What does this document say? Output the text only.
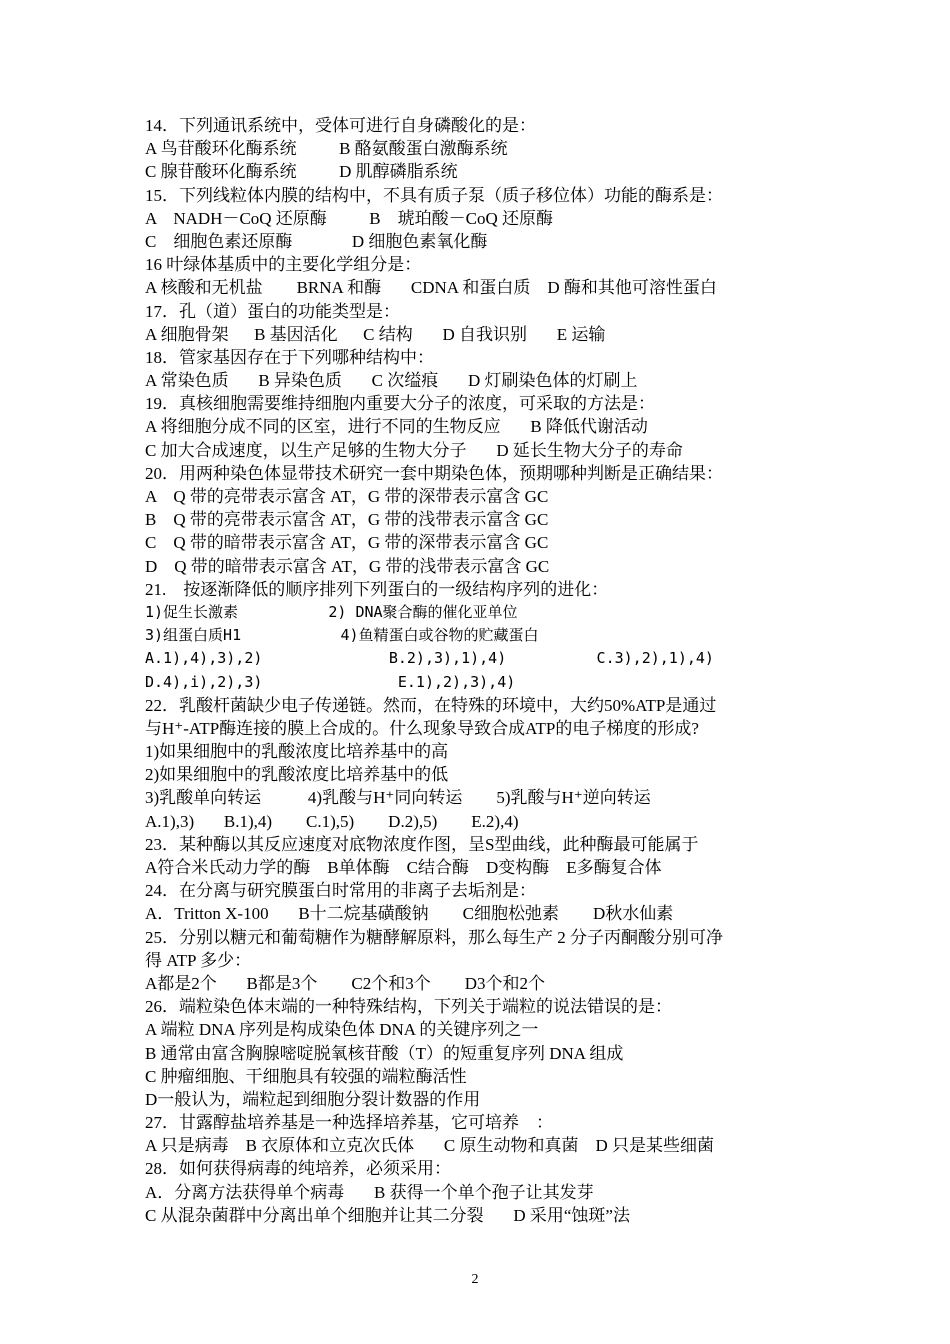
14．下列通讯系统中，受体可进行自身磷酸化的是：
A 鸟苷酸环化酶系统          B 酪氨酸蛋白激酶系统
C 腺苷酸环化酶系统          D 肌醇磷脂系统
15．下列线粒体内膜的结构中，不具有质子泵（质子移位体）功能的酶系是：
A    NADH－CoQ 还原酶          B    琥珀酸－CoQ 还原酶
C    细胞色素还原酶              D 细胞色素氧化酶
16 叶绿体基质中的主要化学组分是：
A 核酸和无机盐        BRNA 和酶       CDNA 和蛋白质    D 酶和其他可溶性蛋白
17．孔（道）蛋白的功能类型是：
A 细胞骨架      B 基因活化      C 结构       D 自我识别       E 运输
18．管家基因存在于下列哪种结构中：
A 常染色质       B 异染色质       C 次缢痕       D 灯刷染色体的灯刷上
19．真核细胞需要维持细胞内重要大分子的浓度，可采取的方法是：
A 将细胞分成不同的区室，进行不同的生物反应       B 降低代谢活动
C 加大合成速度，以生产足够的生物大分子       D 延长生物大分子的寿命
20．用两种染色体显带技术研究一套中期染色体，预期哪种判断是正确结果：
A    Q 带的亮带表示富含 AT，G 带的深带表示富含 GC
B    Q 带的亮带表示富含 AT，G 带的浅带表示富含 GC
C    Q 带的暗带表示富含 AT，G 带的深带表示富含 GC
D    Q 带的暗带表示富含 AT，G 带的浅带表示富含 GC
21.    按逐渐降低的顺序排列下列蛋白的一级结构序列的进化：
1)促生长激素          2) DNA聚合酶的催化亚单位
3)组蛋白质H1           4)鱼精蛋白或谷物的贮藏蛋白
A.1),4),3),2)              B.2),3),1),4)          C.3),2),1),4)
D.4),i),2),3)               E.1),2),3),4)
22．乳酸杆菌缺少电子传递链。然而，在特殊的环境中，大约50%ATP是通过
与H⁺-ATP酶连接的膜上合成的。什么现象导致合成ATP的电子梯度的形成?
1)如果细胞中的乳酸浓度比培养基中的高
2)如果细胞中的乳酸浓度比培养基中的低
3)乳酸单向转运           4)乳酸与H⁺同向转运        5)乳酸与H⁺逆向转运
A.1),3)       B.1),4)        C.1),5)        D.2),5)        E.2),4)
23．某种酶以其反应速度对底物浓度作图，呈S型曲线，此种酶最可能属于
A符合米氏动力学的酶    B单体酶    C结合酶    D变构酶    E多酶复合体
24．在分离与研究膜蛋白时常用的非离子去垢剂是：
A．Tritton X-100       B十二烷基磺酸钠        C细胞松弛素        D秋水仙素
25．分别以糖元和葡萄糖作为糖酵解原料，那么每生产 2 分子丙酮酸分别可净
得 ATP 多少：
A都是2个       B都是3个        C2个和3个        D3个和2个
26．端粒染色体末端的一种特殊结构，下列关于端粒的说法错误的是：
A 端粒 DNA 序列是构成染色体 DNA 的关键序列之一
B 通常由富含胸腺嘧啶脱氧核苷酸（T）的短重复序列 DNA 组成
C 肿瘤细胞、干细胞具有较强的端粒酶活性
D一般认为，端粒起到细胞分裂计数器的作用
27．甘露醇盐培养基是一种选择培养基，它可培养    ：
A 只是病毒    B 衣原体和立克次氏体       C 原生动物和真菌    D 只是某些细菌
28．如何获得病毒的纯培养，必须采用：
A．分离方法获得单个病毒       B 获得一个单个孢子让其发芽
C 从混杂菌群中分离出单个细胞并让其二分裂       D 采用“蚀斑”法
2
